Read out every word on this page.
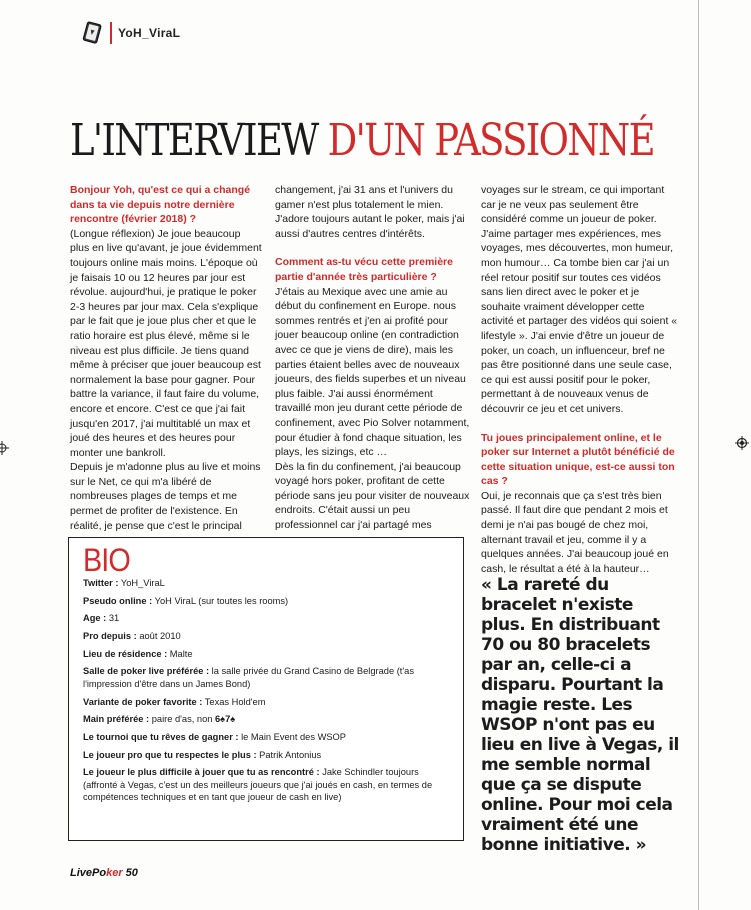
YoH_ViraL
L'INTERVIEW D'UN PASSIONNÉ

Bonjour Yoh, qu'est ce qui a changé dans ta vie depuis notre dernière rencontre (février 2018) ?

(Longue réflexion) Je joue beaucoup plus en live qu'avant, je joue évidemment toujours online mais moins. L'époque où je faisais 10 ou 12 heures par jour est révolue. aujourd'hui, je pratique le poker 2-3 heures par jour max. Cela s'explique par le fait que je joue plus cher et que le ratio horaire est plus élevé, même si le niveau est plus difficile. Je tiens quand même à préciser que jouer beaucoup est normalement la base pour gagner. Pour battre la variance, il faut faire du volume, encore et encore. C'est ce que j'ai fait jusqu'en 2017, j'ai multitablé un max et joué des heures et des heures pour monter une bankroll.

Depuis je m'adonne plus au live et moins sur le Net, ce qui m'a libéré de nombreuses plages de temps et me permet de profiter de l'existence. En réalité, je pense que c'est le principal

changement, j'ai 31 ans et l'univers du gamer n'est plus totalement le mien. J'adore toujours autant le poker, mais j'ai aussi d'autres centres d'intérêts.

Comment as-tu vécu cette première partie d'année très particulière ?

J'étais au Mexique avec une amie au début du confinement en Europe. nous sommes rentrés et j'en ai profité pour jouer beaucoup online (en contradiction avec ce que je viens de dire), mais les parties étaient belles avec de nouveaux joueurs, des fields superbes et un niveau plus faible. J'ai aussi énormément travaillé mon jeu durant cette période de confinement, avec Pio Solver notamment, pour étudier à fond chaque situation, les plays, les sizings, etc …

Dès la fin du confinement, j'ai beaucoup voyagé hors poker, profitant de cette période sans jeu pour visiter de nouveaux endroits. C'était aussi un peu professionnel car j'ai partagé mes

voyages sur le stream, ce qui important car je ne veux pas seulement être considéré comme un joueur de poker. J'aime partager mes expériences, mes voyages, mes découvertes, mon humeur, mon humour… Ca tombe bien car j'ai un réel retour positif sur toutes ces vidéos sans lien direct avec le poker et je souhaite vraiment développer cette activité et partager des vidéos qui soient « lifestyle ». J'ai envie d'être un joueur de poker, un coach, un influenceur, bref ne pas être positionné dans une seule case, ce qui est aussi positif pour le poker, permettant à de nouveaux venus de découvrir ce jeu et cet univers.

Tu joues principalement online, et le poker sur Internet a plutôt bénéficié de cette situation unique, est-ce aussi ton cas ?

Oui, je reconnais que ça s'est très bien passé. Il faut dire que pendant 2 mois et demi je n'ai pas bougé de chez moi, alternant travail et jeu, comme il y a quelques années. J'ai beaucoup joué en cash, le résultat a été à la hauteur…

BIO
Twitter : YoH_ViraL
Pseudo online : YoH ViraL (sur toutes les rooms)
Age : 31
Pro depuis : août 2010
Lieu de résidence : Malte
Salle de poker live préférée : la salle privée du Grand Casino de Belgrade (t'as l'impression d'être dans un James Bond)
Variante de poker favorite : Texas Hold'em
Main préférée : paire d'as, non 6♠7♠
Le tournoi que tu rêves de gagner : le Main Event des WSOP
Le joueur pro que tu respectes le plus : Patrik Antonius
Le joueur le plus difficile à jouer que tu as rencontré : Jake Schindler toujours (affronté à Vegas, c'est un des meilleurs joueurs que j'ai joués en cash, en termes de compétences techniques et en tant que joueur de cash en live)
« La rareté du bracelet n'existe plus. En distribuant 70 ou 80 bracelets par an, celle-ci a disparu. Pourtant la magie reste. Les WSOP n'ont pas eu lieu en live à Vegas, il me semble normal que ça se dispute online. Pour moi cela vraiment été une bonne initiative. »
LivePoker 50
